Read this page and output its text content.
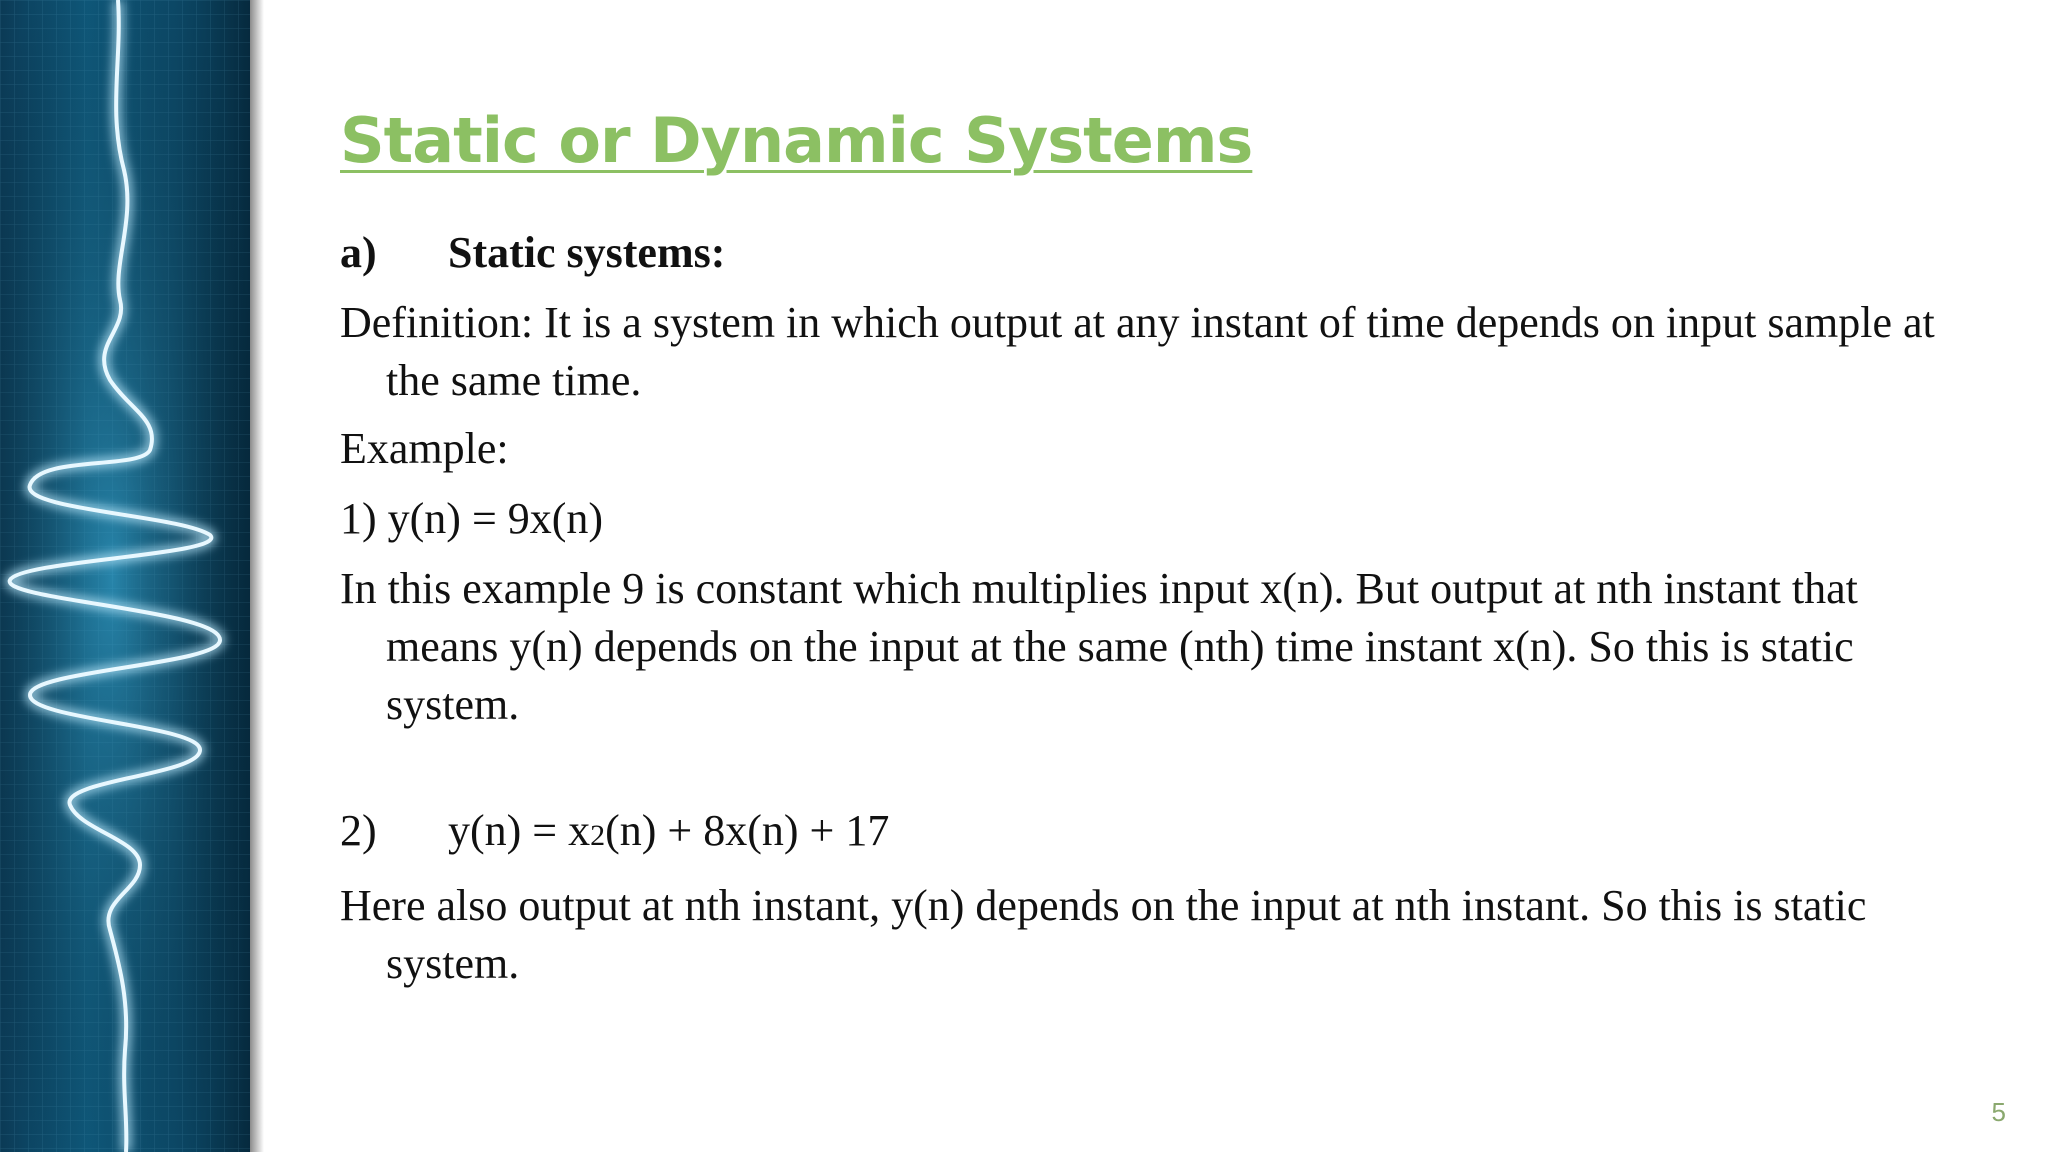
Static or Dynamic Systems
a) Static systems:

Definition: It is a system in which output at any instant of time depends on input sample at the same time.

Example:

1) y(n) = 9x(n)

In this example 9 is constant which multiplies input x(n). But output at nth instant that means y(n) depends on the input at the same (nth) time instant x(n). So this is static system.

2) y(n) = x2(n) + 8x(n) + 17

Here also output at nth instant, y(n) depends on the input at nth instant. So this is static system.

5
